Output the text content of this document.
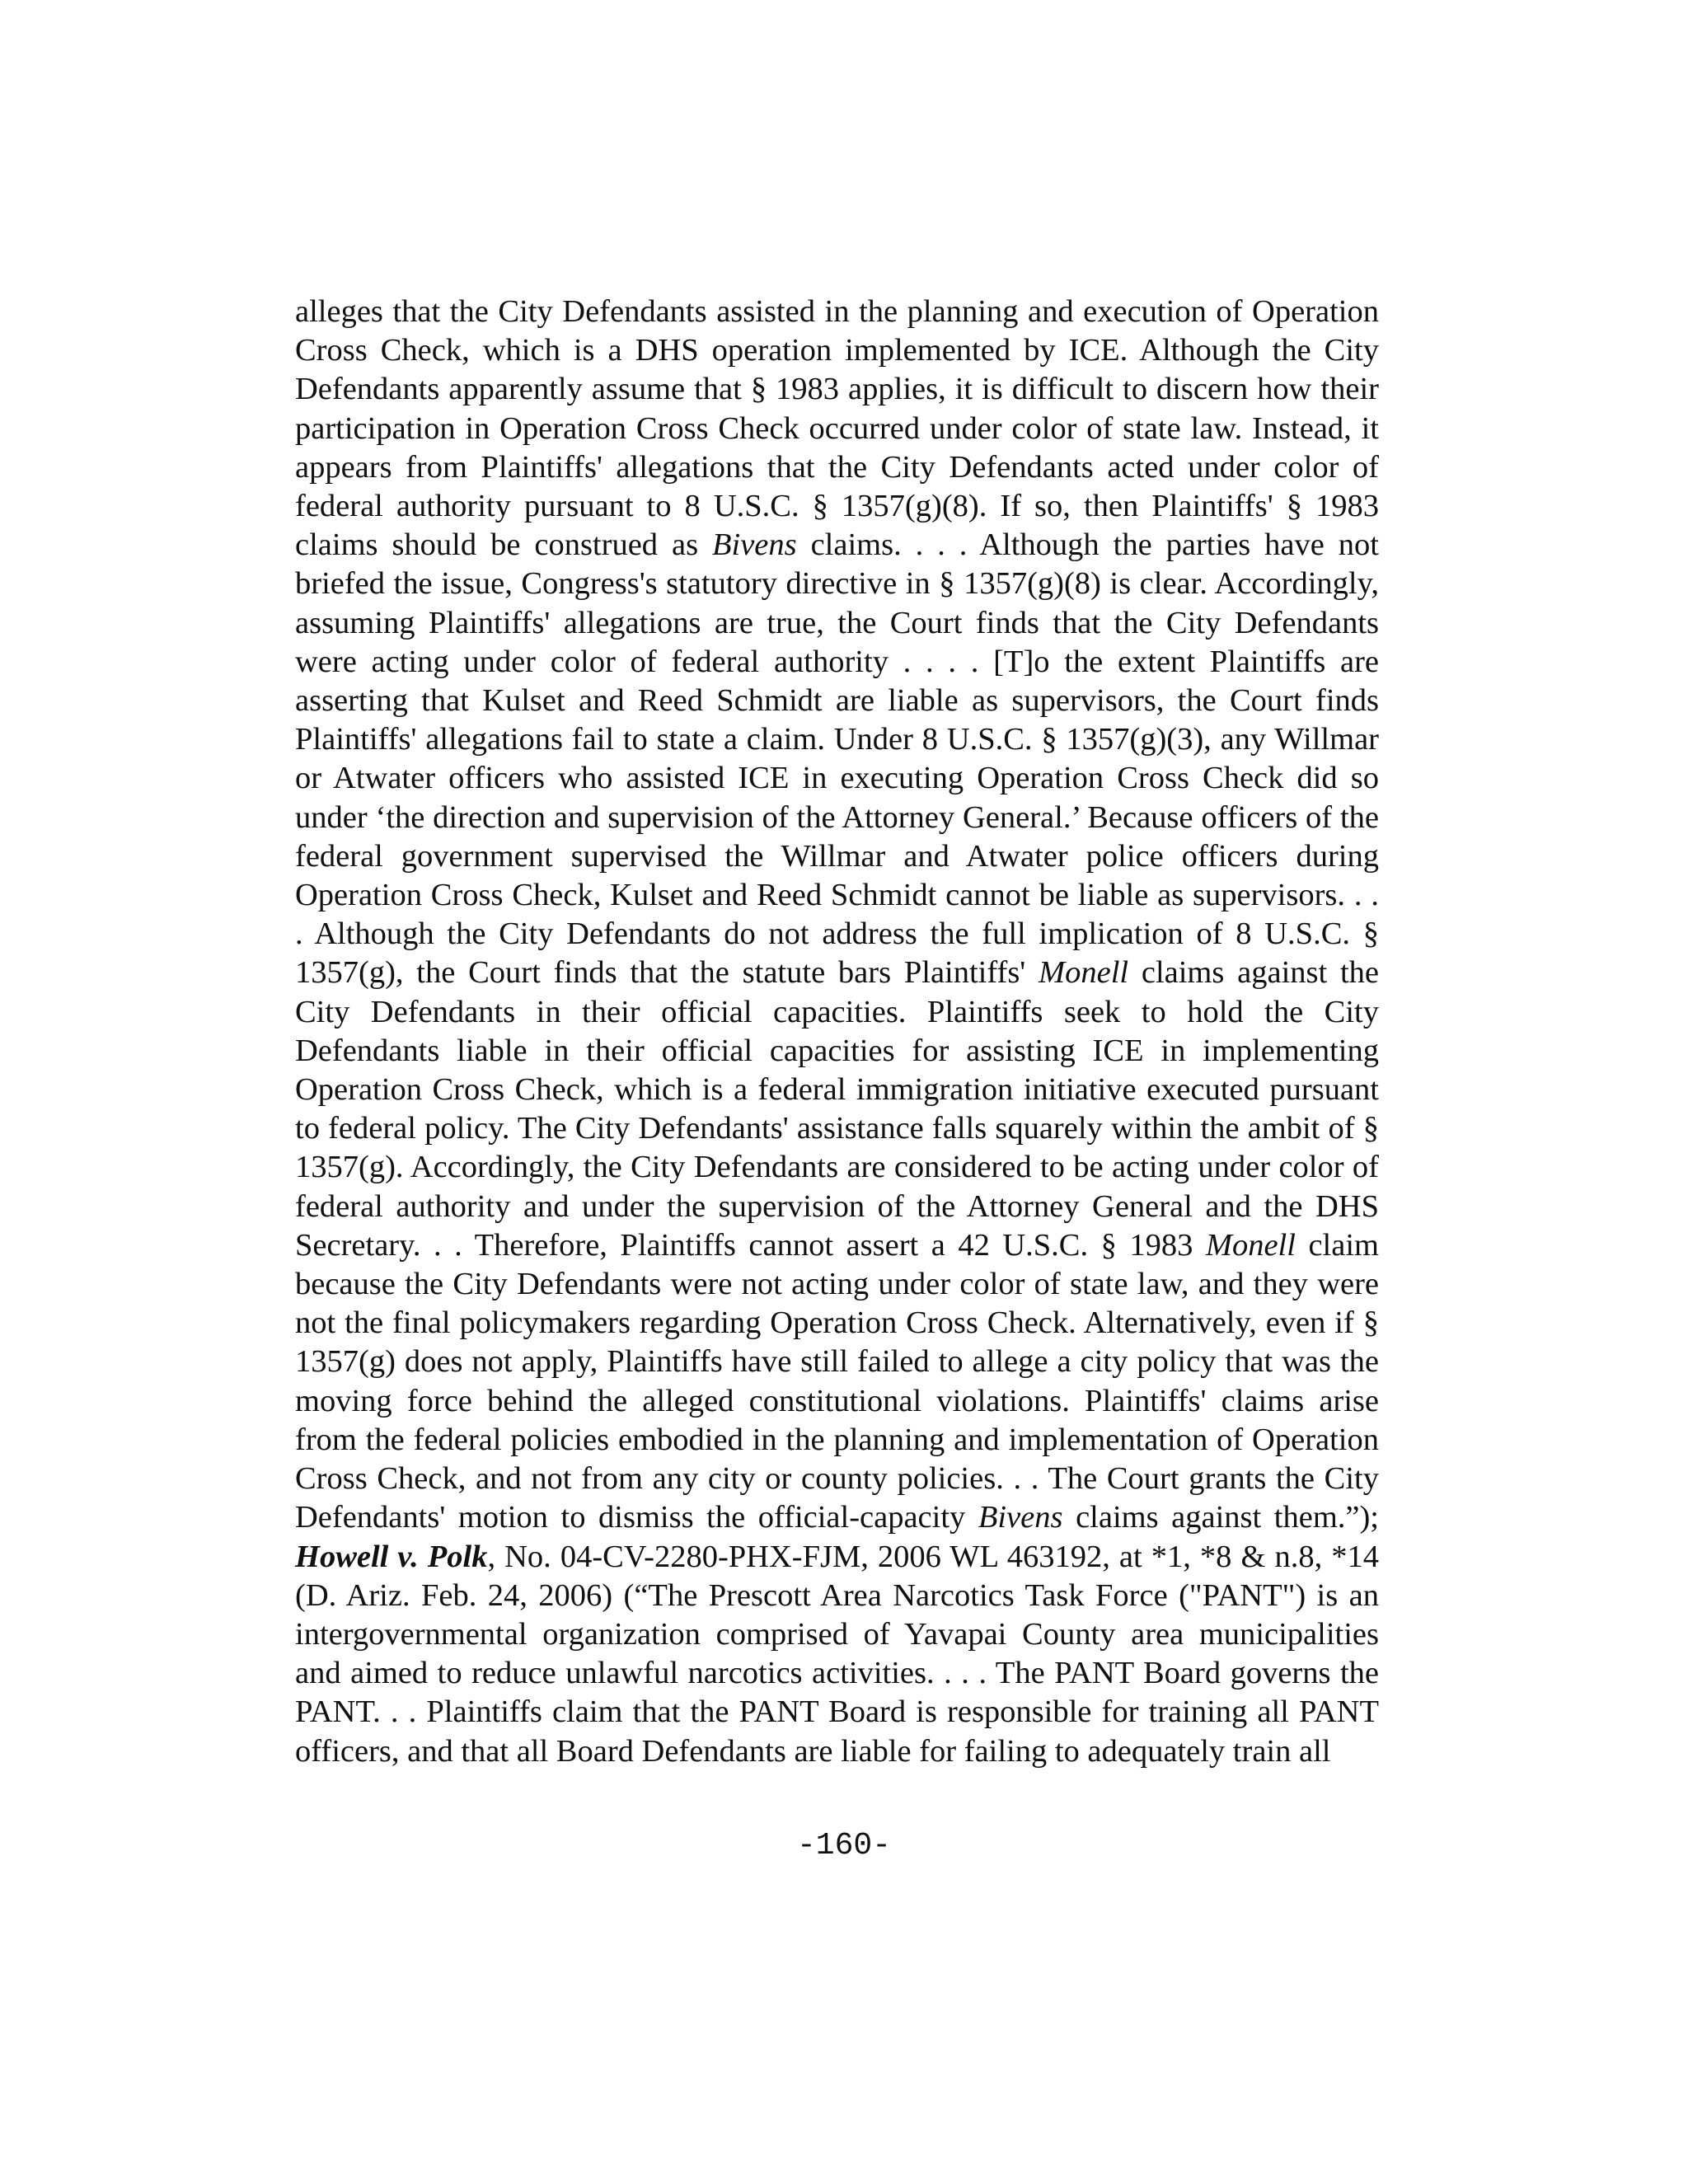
alleges that the City Defendants assisted in the planning and execution of Operation Cross Check, which is a DHS operation implemented by ICE. Although the City Defendants apparently assume that § 1983 applies, it is difficult to discern how their participation in Operation Cross Check occurred under color of state law. Instead, it appears from Plaintiffs' allegations that the City Defendants acted under color of federal authority pursuant to 8 U.S.C. § 1357(g)(8). If so, then Plaintiffs' § 1983 claims should be construed as Bivens claims. . . . Although the parties have not briefed the issue, Congress's statutory directive in § 1357(g)(8) is clear. Accordingly, assuming Plaintiffs' allegations are true, the Court finds that the City Defendants were acting under color of federal authority . . . . [T]o the extent Plaintiffs are asserting that Kulset and Reed Schmidt are liable as supervisors, the Court finds Plaintiffs' allegations fail to state a claim. Under 8 U.S.C. § 1357(g)(3), any Willmar or Atwater officers who assisted ICE in executing Operation Cross Check did so under ‘the direction and supervision of the Attorney General.’ Because officers of the federal government supervised the Willmar and Atwater police officers during Operation Cross Check, Kulset and Reed Schmidt cannot be liable as supervisors. . . . Although the City Defendants do not address the full implication of 8 U.S.C. § 1357(g), the Court finds that the statute bars Plaintiffs' Monell claims against the City Defendants in their official capacities. Plaintiffs seek to hold the City Defendants liable in their official capacities for assisting ICE in implementing Operation Cross Check, which is a federal immigration initiative executed pursuant to federal policy. The City Defendants' assistance falls squarely within the ambit of § 1357(g). Accordingly, the City Defendants are considered to be acting under color of federal authority and under the supervision of the Attorney General and the DHS Secretary. . . Therefore, Plaintiffs cannot assert a 42 U.S.C. § 1983 Monell claim because the City Defendants were not acting under color of state law, and they were not the final policymakers regarding Operation Cross Check. Alternatively, even if § 1357(g) does not apply, Plaintiffs have still failed to allege a city policy that was the moving force behind the alleged constitutional violations. Plaintiffs' claims arise from the federal policies embodied in the planning and implementation of Operation Cross Check, and not from any city or county policies. . . The Court grants the City Defendants' motion to dismiss the official-capacity Bivens claims against them.”); Howell v. Polk, No. 04-CV-2280-PHX-FJM, 2006 WL 463192, at *1, *8 & n.8, *14 (D. Ariz. Feb. 24, 2006) (“The Prescott Area Narcotics Task Force ("PANT") is an intergovernmental organization comprised of Yavapai County area municipalities and aimed to reduce unlawful narcotics activities. . . . The PANT Board governs the PANT. . . Plaintiffs claim that the PANT Board is responsible for training all PANT officers, and that all Board Defendants are liable for failing to adequately train all

-160-
